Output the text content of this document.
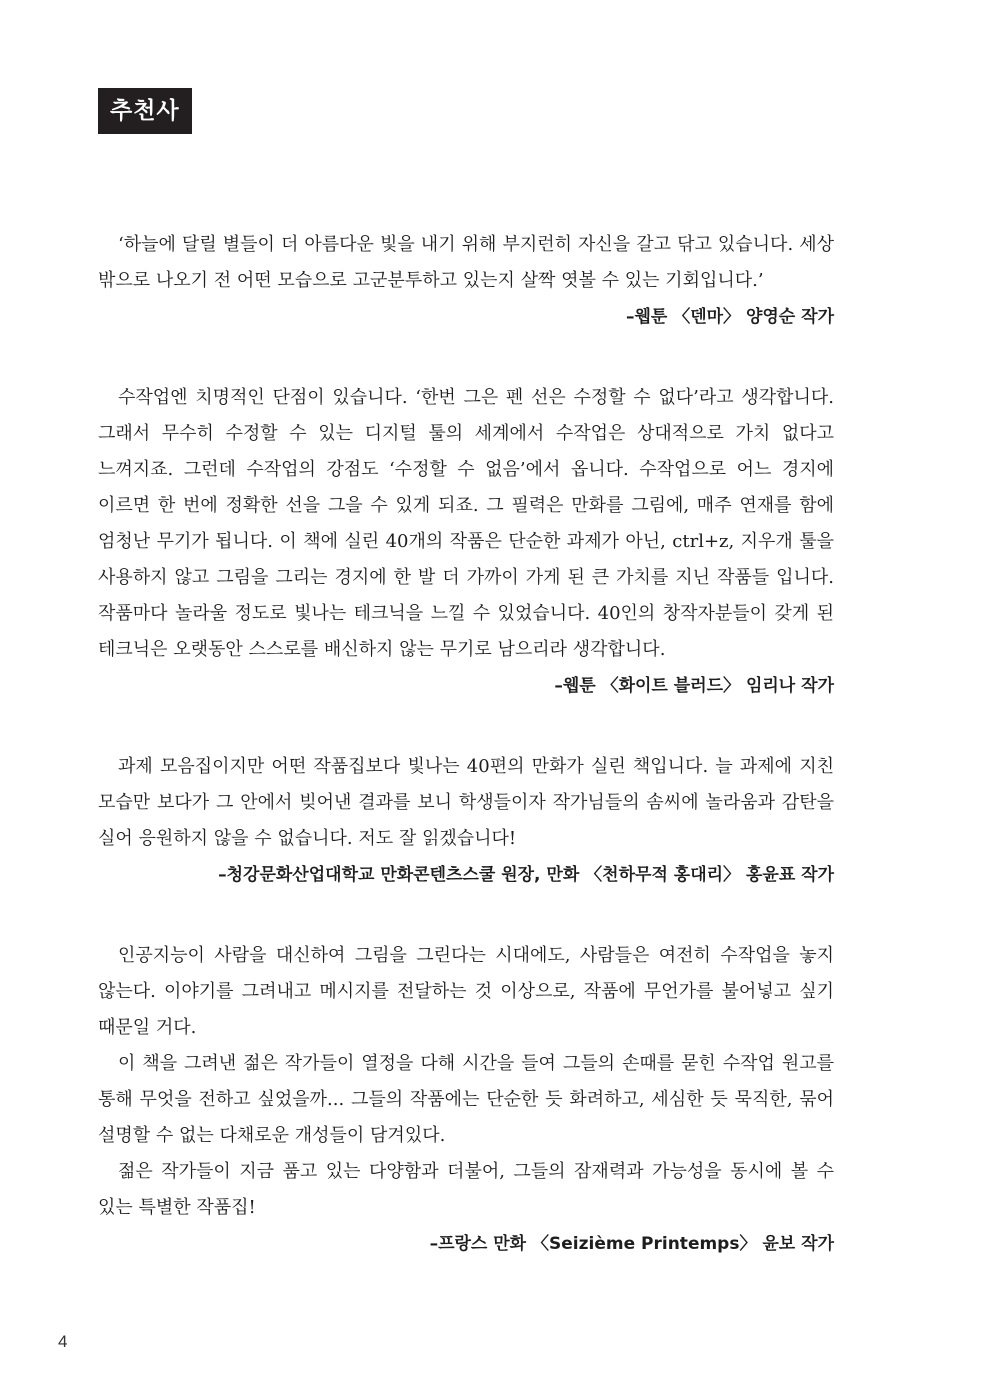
추천사

‘하늘에 달릴 별들이 더 아름다운 빛을 내기 위해 부지런히 자신을 갈고 닦고 있습니다. 세상 밖으로 나오기 전 어떤 모습으로 고군분투하고 있는지 살짝 엿볼 수 있는 기회입니다.’

–웹툰 〈덴마〉 양영순 작가

수작업엔 치명적인 단점이 있습니다. ‘한번 그은 펜 선은 수정할 수 없다’라고 생각합니다. 그래서 무수히 수정할 수 있는 디지털 툴의 세계에서 수작업은 상대적으로 가치 없다고 느껴지죠. 그런데 수작업의 강점도 ‘수정할 수 없음’에서 옵니다. 수작업으로 어느 경지에 이르면 한 번에 정확한 선을 그을 수 있게 되죠. 그 필력은 만화를 그림에, 매주 연재를 함에 엄청난 무기가 됩니다. 이 책에 실린 40개의 작품은 단순한 과제가 아닌, ctrl+z, 지우개 툴을 사용하지 않고 그림을 그리는 경지에 한 발 더 가까이 가게 된 큰 가치를 지닌 작품들 입니다. 작품마다 놀라울 정도로 빛나는 테크닉을 느낄 수 있었습니다. 40인의 창작자분들이 갖게 된 테크닉은 오랫동안 스스로를 배신하지 않는 무기로 남으리라 생각합니다.

–웹툰 〈화이트 블러드〉 임리나 작가

과제 모음집이지만 어떤 작품집보다 빛나는 40편의 만화가 실린 책입니다. 늘 과제에 지친 모습만 보다가 그 안에서 빚어낸 결과를 보니 학생들이자 작가님들의 솜씨에 놀라움과 감탄을 실어 응원하지 않을 수 없습니다. 저도 잘 읽겠습니다!

–청강문화산업대학교 만화콘텐츠스쿨 원장, 만화 〈천하무적 홍대리〉 홍윤표 작가

인공지능이 사람을 대신하여 그림을 그린다는 시대에도, 사람들은 여전히 수작업을 놓지 않는다. 이야기를 그려내고 메시지를 전달하는 것 이상으로, 작품에 무언가를 불어넣고 싶기 때문일 거다.

이 책을 그려낸 젊은 작가들이 열정을 다해 시간을 들여 그들의 손때를 묻힌 수작업 원고를 통해 무엇을 전하고 싶었을까... 그들의 작품에는 단순한 듯 화려하고, 세심한 듯 묵직한, 묶어 설명할 수 없는 다채로운 개성들이 담겨있다.

젊은 작가들이 지금 품고 있는 다양함과 더불어, 그들의 잠재력과 가능성을 동시에 볼 수 있는 특별한 작품집!

–프랑스 만화 〈Seizième Printemps〉 윤보 작가

4
